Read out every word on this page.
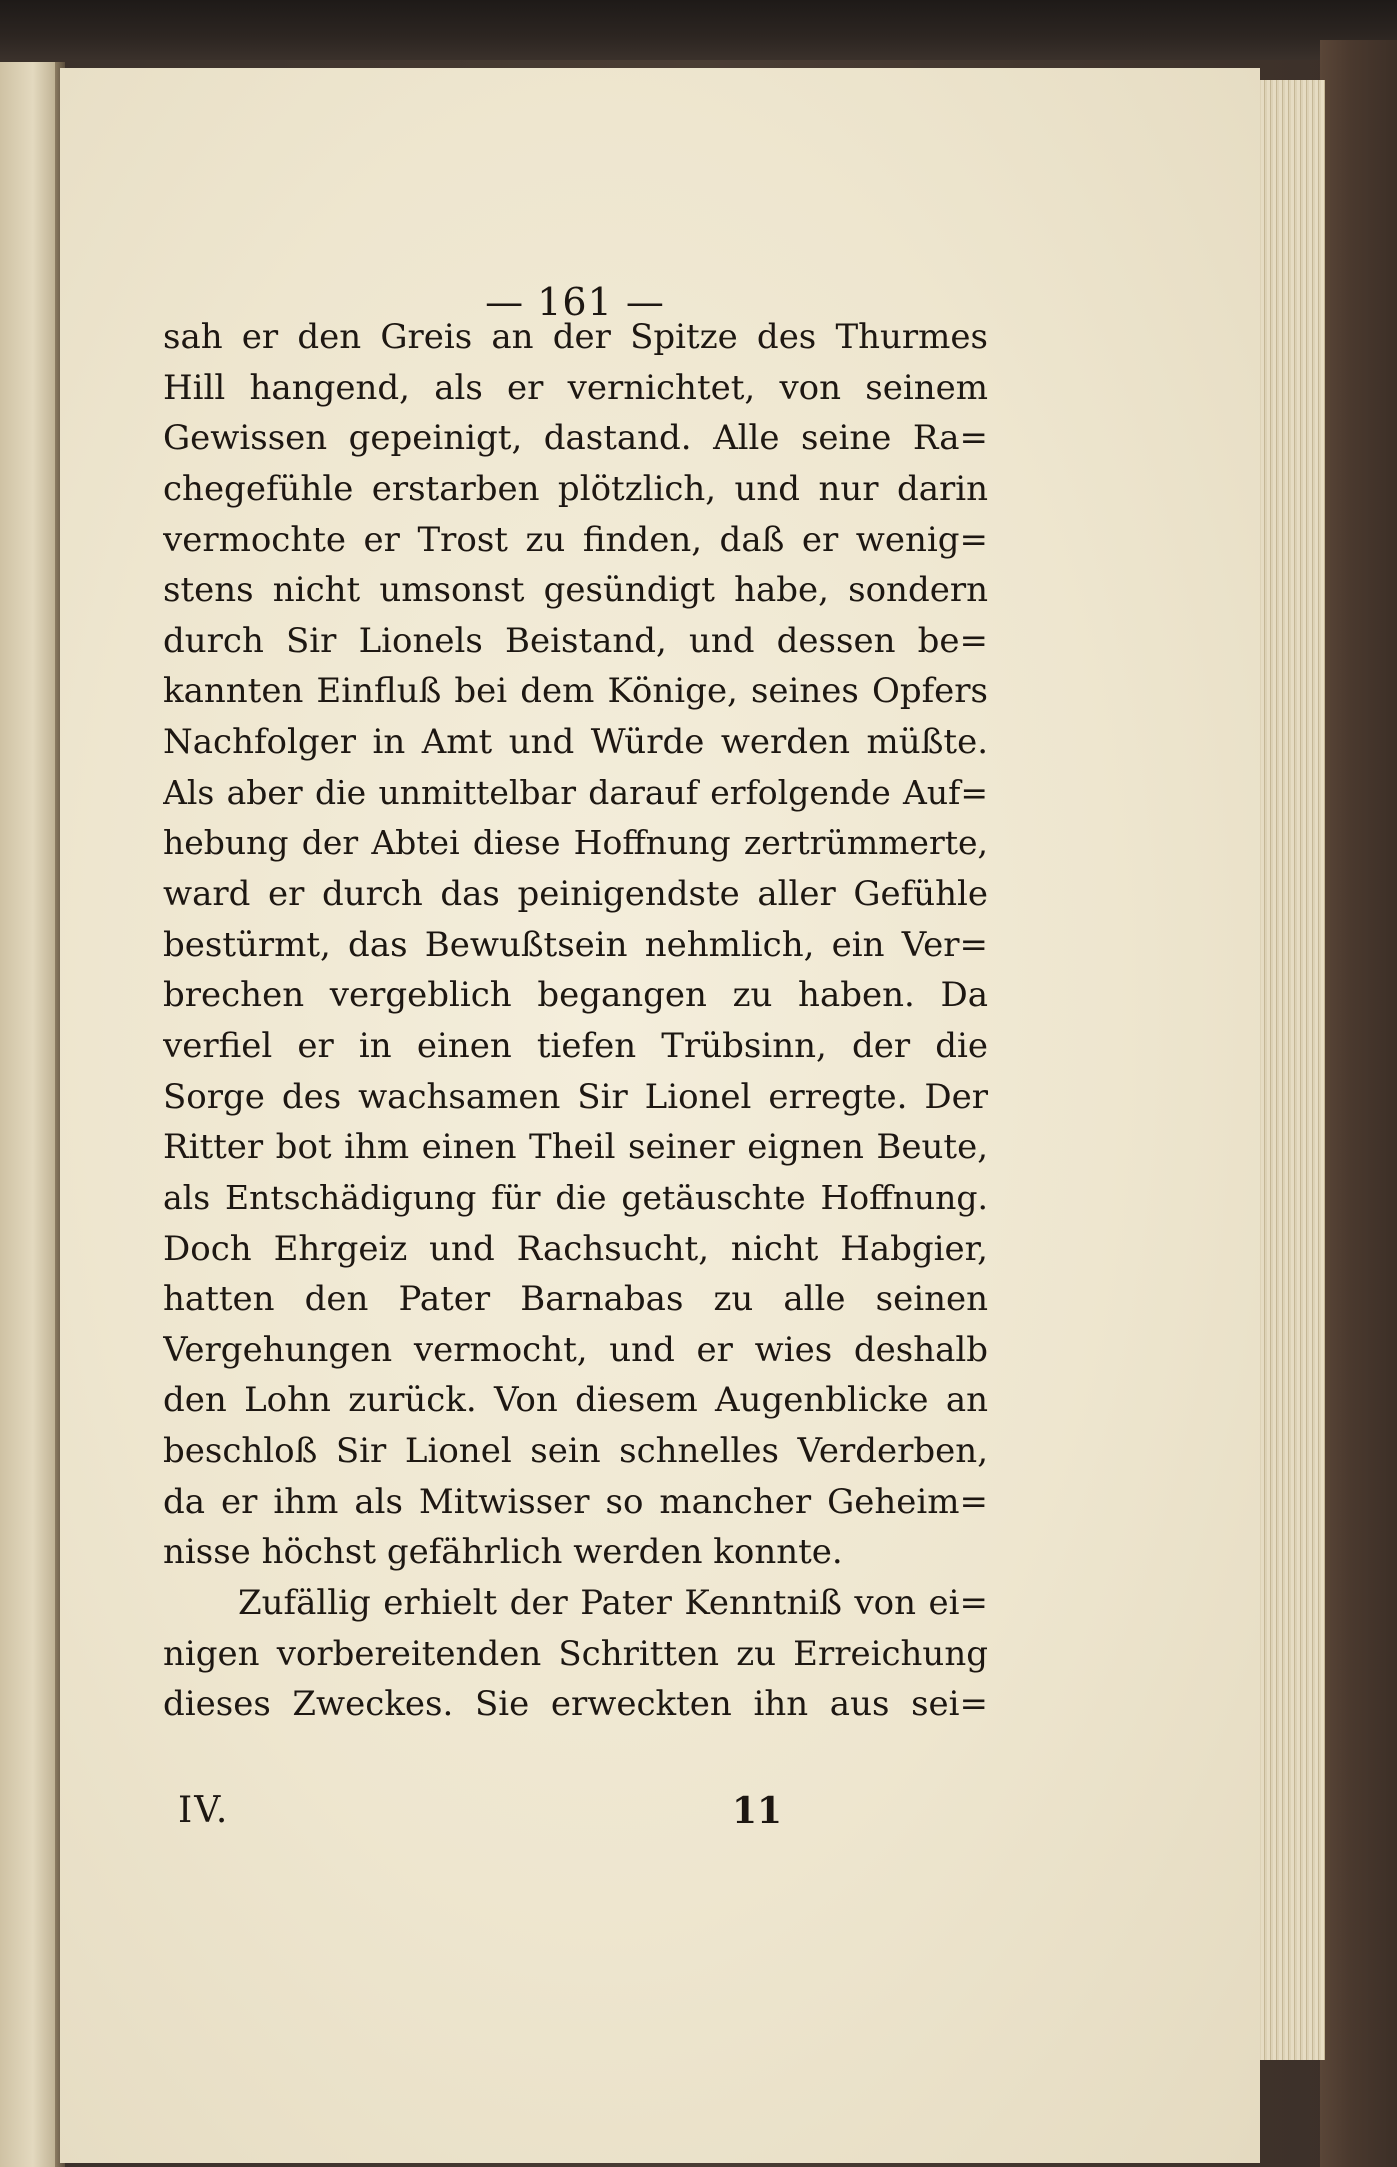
— 161 —
sah er den Greis an der Spitze des Thurmes
Hill hangend, als er vernichtet, von seinem
Gewissen gepeinigt, dastand. Alle seine Ra=
chegefühle erstarben plötzlich, und nur darin
vermochte er Trost zu finden, daß er wenig=
stens nicht umsonst gesündigt habe, sondern
durch Sir Lionels Beistand, und dessen be=
kannten Einfluß bei dem Könige, seines Opfers
Nachfolger in Amt und Würde werden müßte.
Als aber die unmittelbar darauf erfolgende Auf=
hebung der Abtei diese Hoffnung zertrümmerte,
ward er durch das peinigendste aller Gefühle
bestürmt, das Bewußtsein nehmlich, ein Ver=
brechen vergeblich begangen zu haben. Da
verfiel er in einen tiefen Trübsinn, der die
Sorge des wachsamen Sir Lionel erregte. Der
Ritter bot ihm einen Theil seiner eignen Beute,
als Entschädigung für die getäuschte Hoffnung.
Doch Ehrgeiz und Rachsucht, nicht Habgier,
hatten den Pater Barnabas zu alle seinen
Vergehungen vermocht, und er wies deshalb
den Lohn zurück. Von diesem Augenblicke an
beschloß Sir Lionel sein schnelles Verderben,
da er ihm als Mitwisser so mancher Geheim=
nisse höchst gefährlich werden konnte.
Zufällig erhielt der Pater Kenntniß von ei=
nigen vorbereitenden Schritten zu Erreichung
dieses Zweckes. Sie erweckten ihn aus sei=
IV.	11
